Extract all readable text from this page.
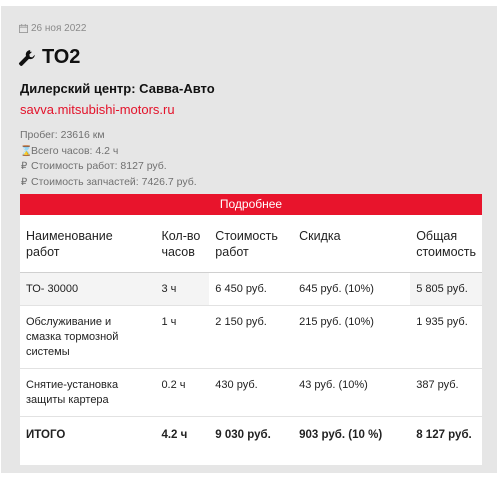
26 ноя 2022
ТО2
Дилерский центр: Савва-Авто
savva.mitsubishi-motors.ru
Пробег: 23616 км
⌛
Всего часов: 4.2 ч
₽ Стоимость работ: 8127 руб.
₽ Стоимость запчастей: 7426.7 руб.
Подробнее
Наименование работ	Кол-во часов	Стоимость работ	Скидка	Общая стоимость
ТО- 30000	3 ч	6 450 руб.	645 руб. (10%)	5 805 руб.
Обслуживание и смазка тормозной системы	1 ч	2 150 руб.	215 руб. (10%)	1 935 руб.
Снятие-установка защиты картера	0.2 ч	430 руб.	43 руб. (10%)	387 руб.
ИТОГО	4.2 ч	9 030 руб.	903 руб. (10 %)	8 127 руб.
